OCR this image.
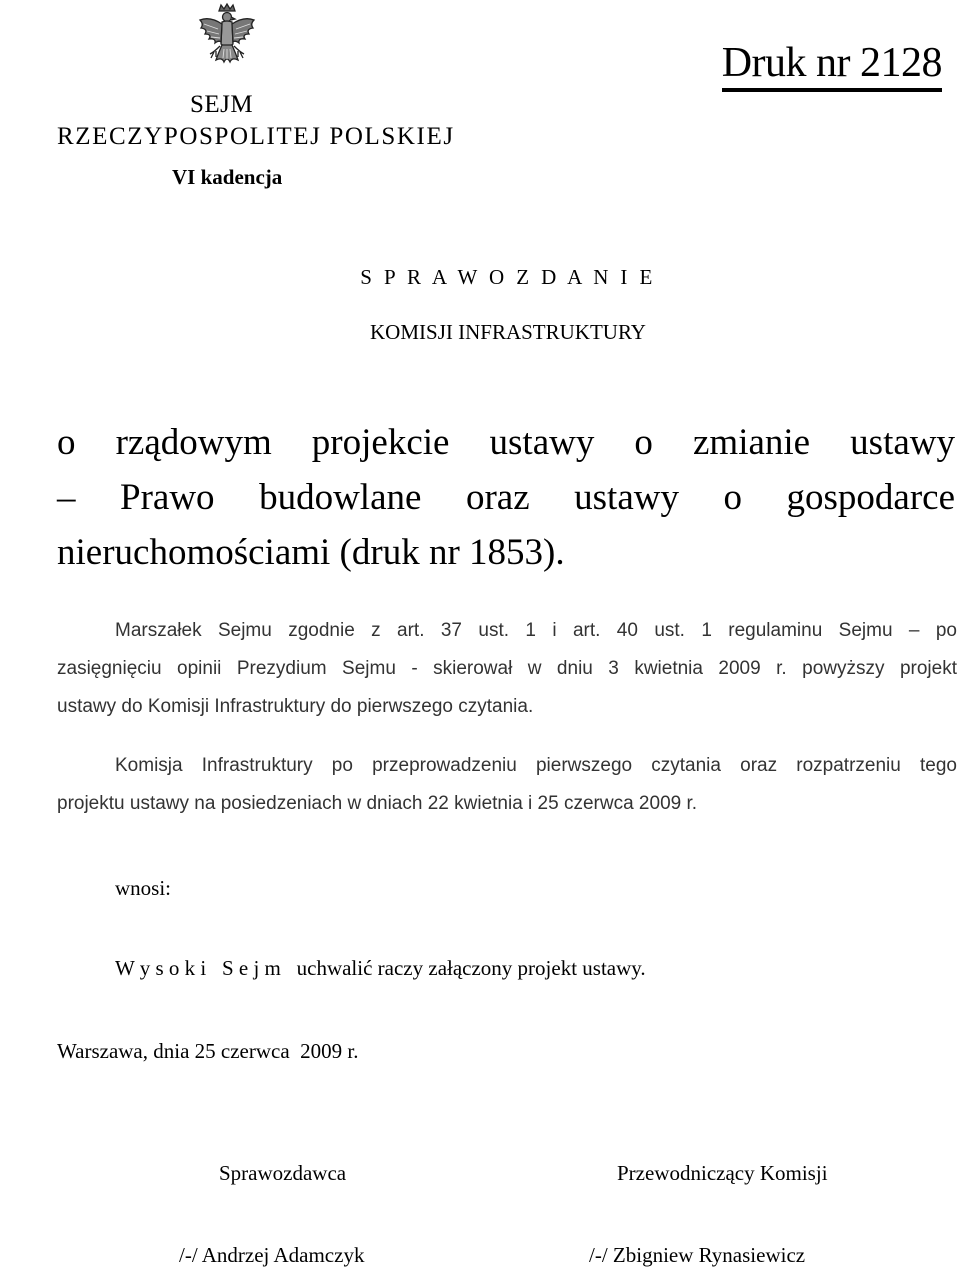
Druk nr 2128
SEJM
RZECZYPOSPOLITEJ POLSKIEJ
VI kadencja
S P R A W O Z D A N I E
KOMISJI INFRASTRUKTURY
o rządowym projekcie ustawy o zmianie ustawy
– Prawo budowlane oraz ustawy o gospodarce
nieruchomościami (druk nr 1853).
Marszałek Sejmu zgodnie z art. 37 ust. 1 i art. 40 ust. 1 regulaminu Sejmu – po
zasięgnięciu opinii Prezydium Sejmu - skierował w dniu 3 kwietnia 2009 r. powyższy projekt
ustawy do Komisji Infrastruktury do pierwszego czytania.
Komisja Infrastruktury po przeprowadzeniu pierwszego czytania oraz rozpatrzeniu tego
projektu ustawy na posiedzeniach w dniach 22 kwietnia i 25 czerwca 2009 r.
wnosi:
W y s o k i   S e j m   uchwalić raczy załączony projekt ustawy.
Warszawa, dnia 25 czerwca  2009 r.
Sprawozdawca	Przewodniczący Komisji
/-/ Andrzej Adamczyk	/-/ Zbigniew Rynasiewicz
